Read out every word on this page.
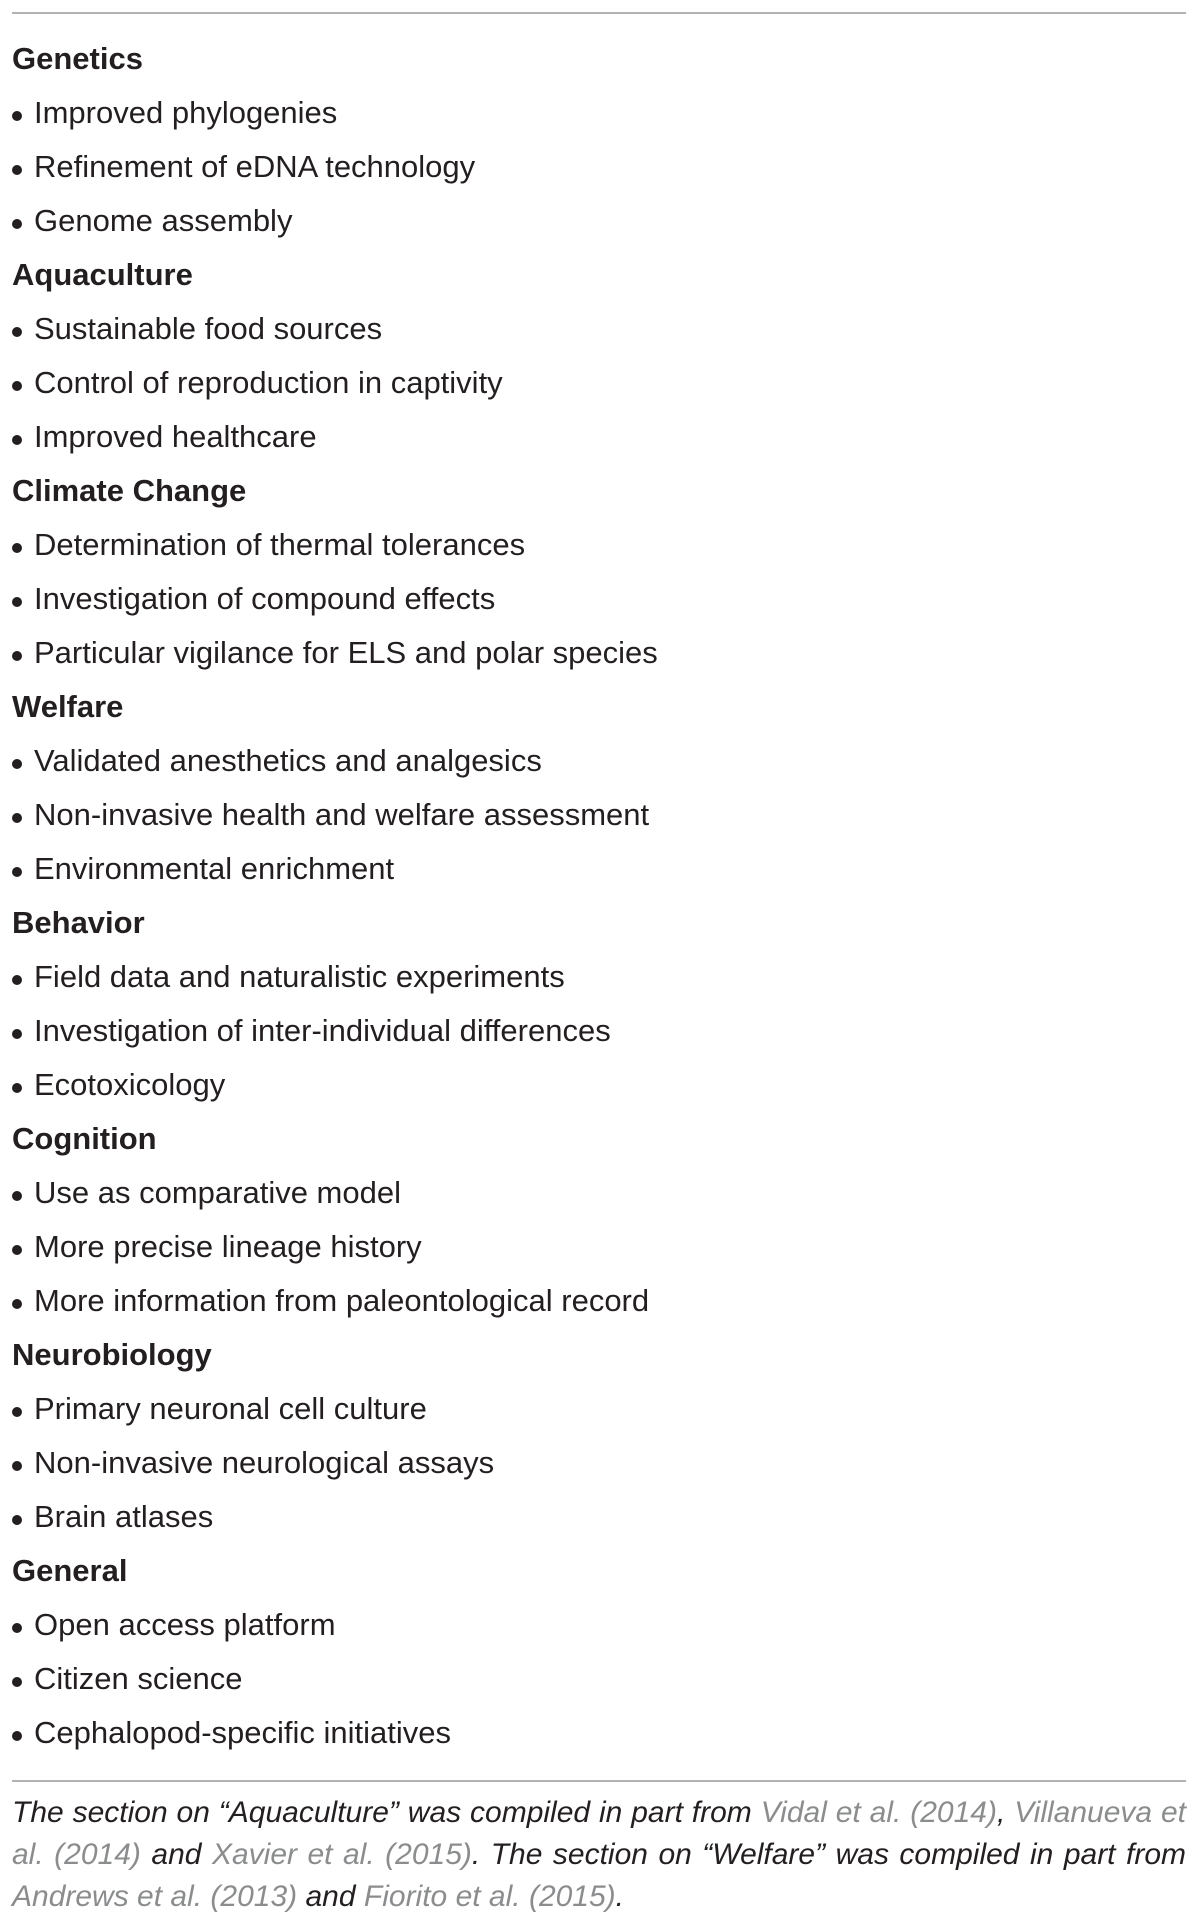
Genetics
Improved phylogenies
Refinement of eDNA technology
Genome assembly
Aquaculture
Sustainable food sources
Control of reproduction in captivity
Improved healthcare
Climate Change
Determination of thermal tolerances
Investigation of compound effects
Particular vigilance for ELS and polar species
Welfare
Validated anesthetics and analgesics
Non-invasive health and welfare assessment
Environmental enrichment
Behavior
Field data and naturalistic experiments
Investigation of inter-individual differences
Ecotoxicology
Cognition
Use as comparative model
More precise lineage history
More information from paleontological record
Neurobiology
Primary neuronal cell culture
Non-invasive neurological assays
Brain atlases
General
Open access platform
Citizen science
Cephalopod-specific initiatives
The section on “Aquaculture” was compiled in part from Vidal et al. (2014), Villanueva et al. (2014) and Xavier et al. (2015). The section on “Welfare” was compiled in part from Andrews et al. (2013) and Fiorito et al. (2015).
